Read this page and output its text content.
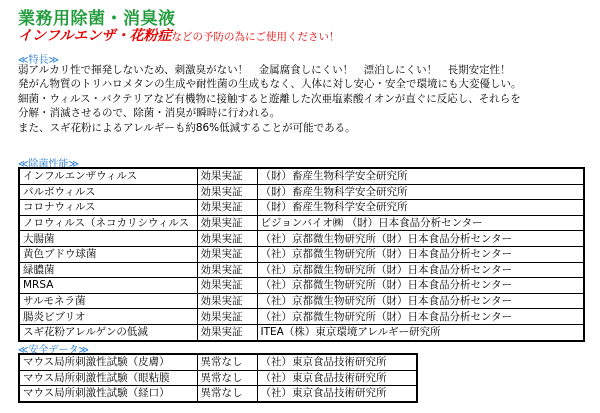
業務用除菌・消臭液
インフルエンザ・花粉症などの予防の為にご使用ください！
≪特長≫
弱アルカリ性で揮発しないため、刺激臭がない！　金属腐食しにくい！　漂泊しにくい！　長期安定性！
発がん物質のトリハロメタンの生成や耐性菌の生成もなく、人体に対し安心・安全で環境にも大変優しい。
細菌・ウィルス・バクテリアなど有機物に接触すると遊離した次亜塩素酸イオンが直ぐに反応し、それらを
分解・消滅させるので、除菌・消臭が瞬時に行われる。
また、スギ花粉によるアレルギーも約86%低減することが可能である。
≪除菌性能≫
インフルエンザウィルス	効果実証	（財）畜産生物科学安全研究所
パルボウィルス	効果実証	（財）畜産生物科学安全研究所
コロナウィルス	効果実証	（財）畜産生物科学安全研究所
ノロウィルス（ネコカリシウィルス	効果実証	ビジョンバイオ㈱ （財）日本食品分析センター
大腸菌	効果実証	（社）京都微生物研究所（財）日本食品分析センター
黄色ブドウ球菌	効果実証	（社）京都微生物研究所（財）日本食品分析センター
緑膿菌	効果実証	（社）京都微生物研究所（財）日本食品分析センター
MRSA	効果実証	（社）京都微生物研究所（財）日本食品分析センター
サルモネラ菌	効果実証	（社）京都微生物研究所（財）日本食品分析センター
腸炎ビブリオ	効果実証	（社）京都微生物研究所（財）日本食品分析センター
スギ花粉アレルゲンの低減	効果実証	ITEA（株）東京環境アレルギー研究所
≪安全データ≫
マウス局所刺激性試験（皮膚）	異常なし	（社）東京食品技術研究所
マウス局所刺激性試験（眼粘膜	異常なし	（社）東京食品技術研究所
マウス局所刺激性試験（経口）	異常なし	（社）東京食品技術研究所
